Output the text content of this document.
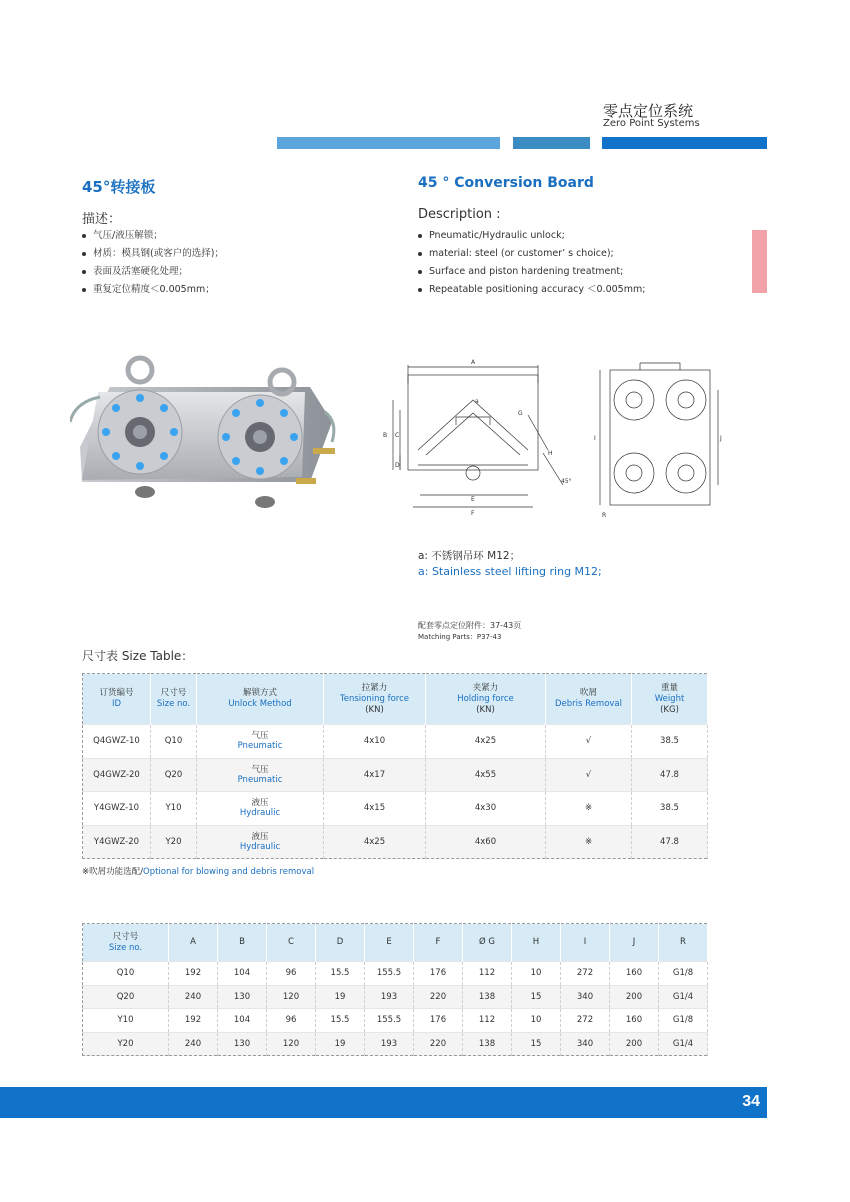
零点定位系统
Zero Point Systems
45°转接板	45 ° Conversion Board
描述：	Description :
气压/液压解锁；
材质：模具钢(或客户的选择)；
表面及活塞硬化处理；
重复定位精度＜0.005mm；
Pneumatic/Hydraulic unlock;
material: steel (or customer’ s choice);
Surface and piston hardening treatment;
Repeatable positioning accuracy ＜0.005mm;
A
B C
D
E
F
G
H
45°
a
I	J
R
a: 不锈钢吊环 M12；
a: Stainless steel lifting ring M12;
配套零点定位附件：37-43页
Matching Parts：P37-43
尺寸表 Size Table：
订货编号
ID	尺寸号
Size no.	解锁方式
Unlock Method	拉紧力
Tensioning force
(KN)	夹紧力
Holding force
(KN)	吹屑
Debris Removal	重量
Weight
(KG)

Q4GWZ-10	Q10	气压
Pneumatic	4x10	4x25	√	38.5
Q4GWZ-20	Q20	气压
Pneumatic	4x17	4x55	√	47.8
Y4GWZ-10	Y10	液压
Hydraulic	4x15	4x30	※	38.5
Y4GWZ-20	Y20	液压
Hydraulic	4x25	4x60	※	47.8
※吹屑功能选配/Optional for blowing and debris removal
尺寸号
Size no.	A	B	C	D	E	F	Ø G	H	I	J	R
Q10	192	104	96	15.5	155.5	176	112	10	272	160	G1/8
Q20	240	130	120	19	193	220	138	15	340	200	G1/4
Y10	192	104	96	15.5	155.5	176	112	10	272	160	G1/8
Y20	240	130	120	19	193	220	138	15	340	200	G1/4
34
